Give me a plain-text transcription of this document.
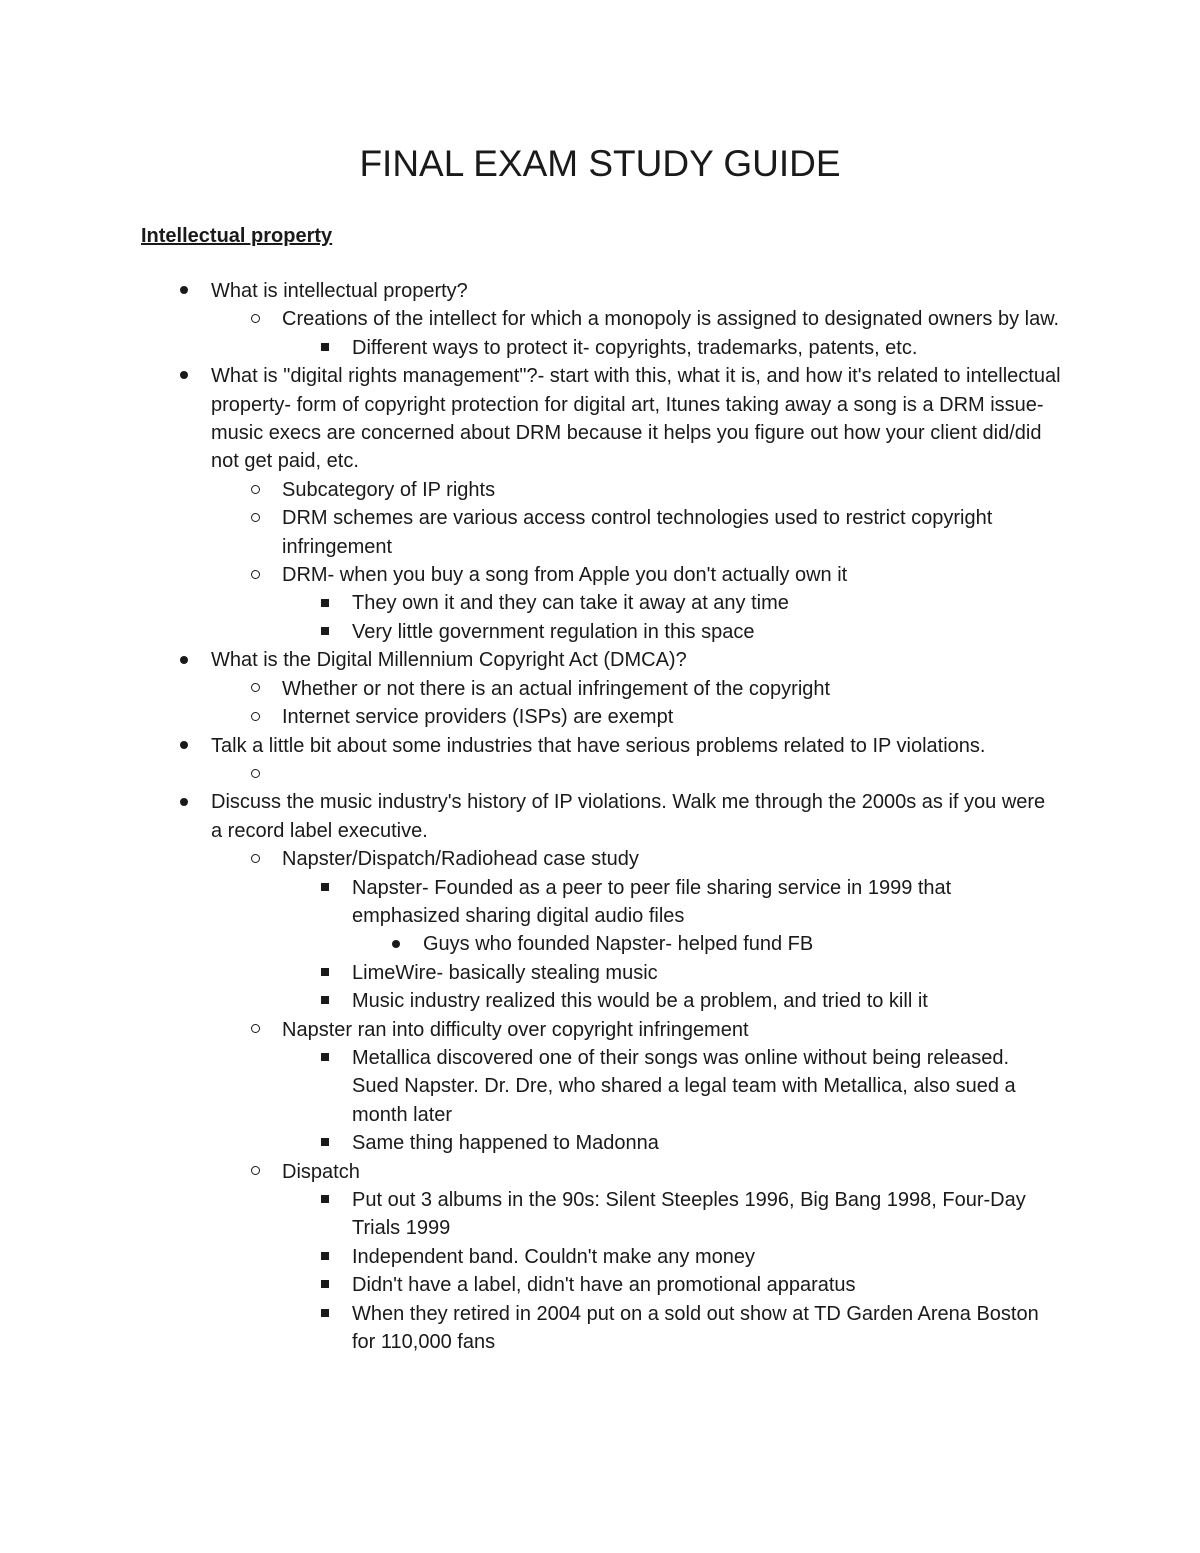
FINAL EXAM STUDY GUIDE
Intellectual property
What is intellectual property?
Creations of the intellect for which a monopoly is assigned to designated owners by law.
Different ways to protect it- copyrights, trademarks, patents, etc.
What is "digital rights management"?- start with this, what it is, and how it's related to intellectual property- form of copyright protection for digital art, Itunes taking away a song is a DRM issue- music execs are concerned about DRM because it helps you figure out how your client did/did not get paid, etc.
Subcategory of IP rights
DRM schemes are various access control technologies used to restrict copyright infringement
DRM- when you buy a song from Apple you don't actually own it
They own it and they can take it away at any time
Very little government regulation in this space
What is the Digital Millennium Copyright Act (DMCA)?
Whether or not there is an actual infringement of the copyright
Internet service providers (ISPs) are exempt
Talk a little bit about some industries that have serious problems related to IP violations.

Discuss the music industry's history of IP violations. Walk me through the 2000s as if you were a record label executive.
Napster/Dispatch/Radiohead case study
Napster- Founded as a peer to peer file sharing service in 1999 that emphasized sharing digital audio files
Guys who founded Napster- helped fund FB
LimeWire- basically stealing music
Music industry realized this would be a problem, and tried to kill it
Napster ran into difficulty over copyright infringement
Metallica discovered one of their songs was online without being released. Sued Napster. Dr. Dre, who shared a legal team with Metallica, also sued a month later
Same thing happened to Madonna
Dispatch
Put out 3 albums in the 90s: Silent Steeples 1996, Big Bang 1998, Four-Day Trials 1999
Independent band. Couldn't make any money
Didn't have a label, didn't have an promotional apparatus
When they retired in 2004 put on a sold out show at TD Garden Arena Boston for 110,000 fans
